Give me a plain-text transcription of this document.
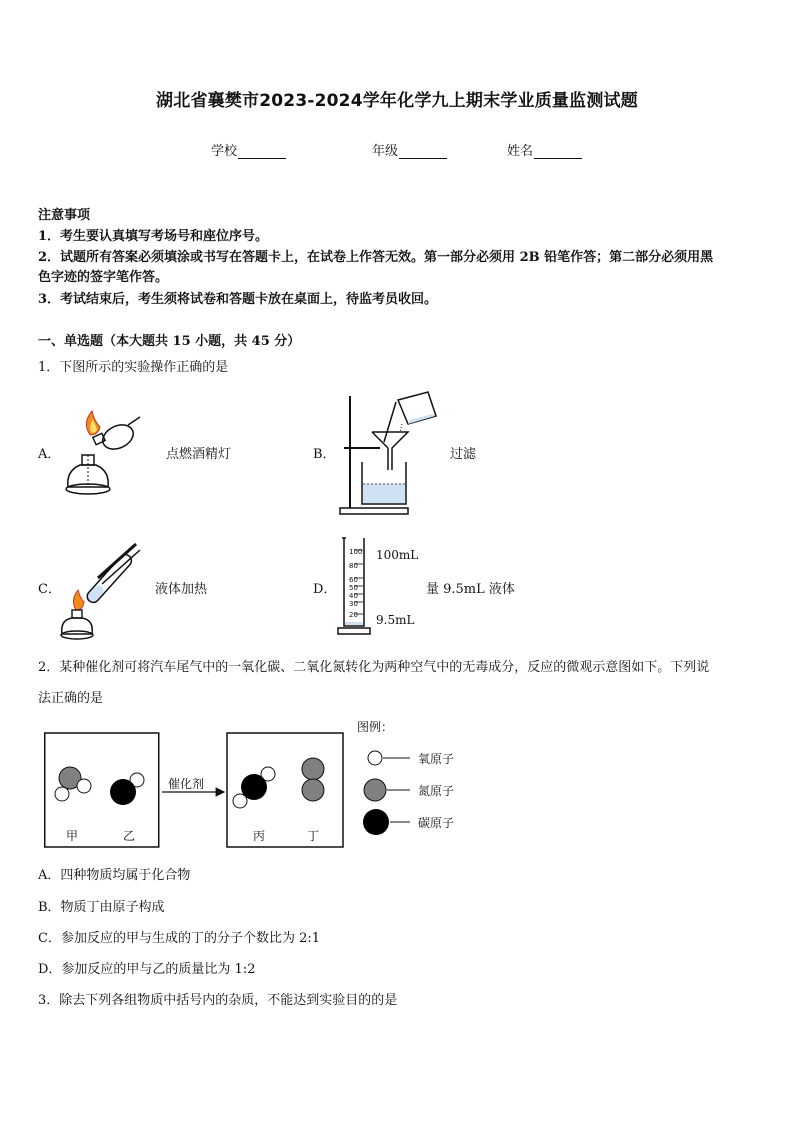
湖北省襄樊市2023-2024学年化学九上期末学业质量监测试题
学校	年级	姓名
注意事项
1．考生要认真填写考场号和座位序号。
2．试题所有答案必须填涂或书写在答题卡上，在试卷上作答无效。第一部分必须用 2B 铅笔作答；第二部分必须用黑
色字迹的签字笔作答。
3．考试结束后，考生须将试卷和答题卡放在桌面上，待监考员收回。
一、单选题（本大题共 15 小题，共 45 分）
1．下图所示的实验操作正确的是
A．	点燃酒精灯	B．	过滤
C．	液体加热	D．
100
80
60
50
40
30
20
100mL
9.5mL
量 9.5mL 液体
2．某种催化剂可将汽车尾气中的一氧化碳、二氧化氮转化为两种空气中的无毒成分，反应的微观示意图如下。下列说
法正确的是
催化剂
甲	乙	丙	丁
图例：
氧原子
氮原子
碳原子
A．四种物质均属于化合物
B．物质丁由原子构成
C．参加反应的甲与生成的丁的分子个数比为 2:1
D．参加反应的甲与乙的质量比为 1:2
3．除去下列各组物质中括号内的杂质，不能达到实验目的的是
